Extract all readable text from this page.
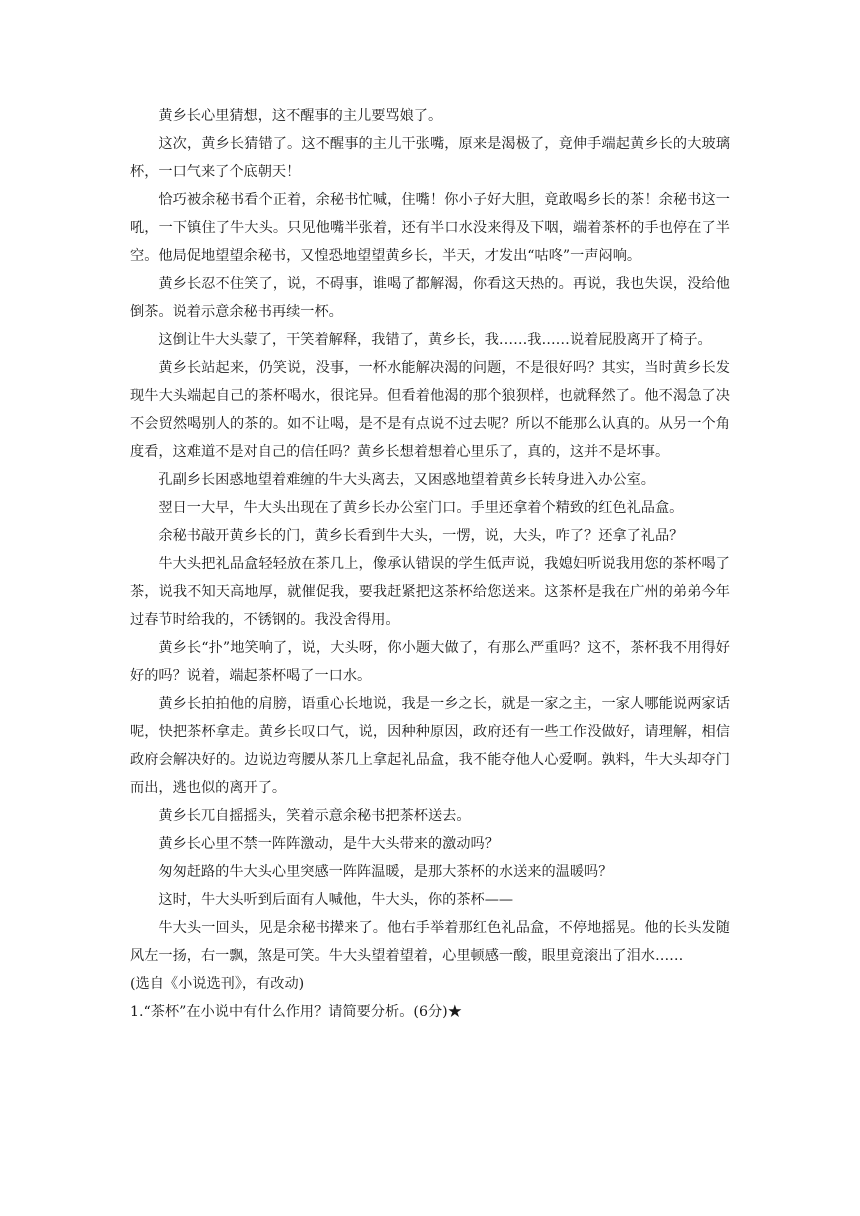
黄乡长心里猜想，这不醒事的主儿要骂娘了。

这次，黄乡长猜错了。这不醒事的主儿干张嘴，原来是渴极了，竟伸手端起黄乡长的大玻璃杯，一口气来了个底朝天！

恰巧被余秘书看个正着，余秘书忙喊，住嘴！你小子好大胆，竟敢喝乡长的茶！余秘书这一吼，一下镇住了牛大头。只见他嘴半张着，还有半口水没来得及下咽，端着茶杯的手也停在了半空。他局促地望望余秘书，又惶恐地望望黄乡长，半天，才发出“咕咚”一声闷响。

黄乡长忍不住笑了，说，不碍事，谁喝了都解渴，你看这天热的。再说，我也失误，没给他倒茶。说着示意余秘书再续一杯。

这倒让牛大头蒙了，干笑着解释，我错了，黄乡长，我……我……说着屁股离开了椅子。

黄乡长站起来，仍笑说，没事，一杯水能解决渴的问题，不是很好吗？其实，当时黄乡长发现牛大头端起自己的茶杯喝水，很诧异。但看着他渴的那个狼狈样，也就释然了。他不渴急了决不会贸然喝别人的茶的。如不让喝，是不是有点说不过去呢？所以不能那么认真的。从另一个角度看，这难道不是对自己的信任吗？黄乡长想着想着心里乐了，真的，这并不是坏事。

孔副乡长困惑地望着难缠的牛大头离去，又困惑地望着黄乡长转身进入办公室。

翌日一大早，牛大头出现在了黄乡长办公室门口。手里还拿着个精致的红色礼品盒。

余秘书敲开黄乡长的门，黄乡长看到牛大头，一愣，说，大头，咋了？还拿了礼品？

牛大头把礼品盒轻轻放在茶几上，像承认错误的学生低声说，我媳妇听说我用您的茶杯喝了茶，说我不知天高地厚，就催促我，要我赶紧把这茶杯给您送来。这茶杯是我在广州的弟弟今年过春节时给我的，不锈钢的。我没舍得用。

黄乡长“扑”地笑响了，说，大头呀，你小题大做了，有那么严重吗？这不，茶杯我不用得好好的吗？说着，端起茶杯喝了一口水。

黄乡长拍拍他的肩膀，语重心长地说，我是一乡之长，就是一家之主，一家人哪能说两家话呢，快把茶杯拿走。黄乡长叹口气，说，因种种原因，政府还有一些工作没做好，请理解，相信政府会解决好的。边说边弯腰从茶几上拿起礼品盒，我不能夺他人心爱啊。孰料，牛大头却夺门而出，逃也似的离开了。

黄乡长兀自摇摇头，笑着示意余秘书把茶杯送去。

黄乡长心里不禁一阵阵激动，是牛大头带来的激动吗？

匆匆赶路的牛大头心里突感一阵阵温暖，是那大茶杯的水送来的温暖吗？

这时，牛大头听到后面有人喊他，牛大头，你的茶杯——

牛大头一回头，见是余秘书撵来了。他右手举着那红色礼品盒，不停地摇晃。他的长头发随风左一扬，右一飘，煞是可笑。牛大头望着望着，心里顿感一酸，眼里竟滚出了泪水……

(选自《小说选刊》，有改动)

1.“茶杯”在小说中有什么作用？请简要分析。(6分)★
